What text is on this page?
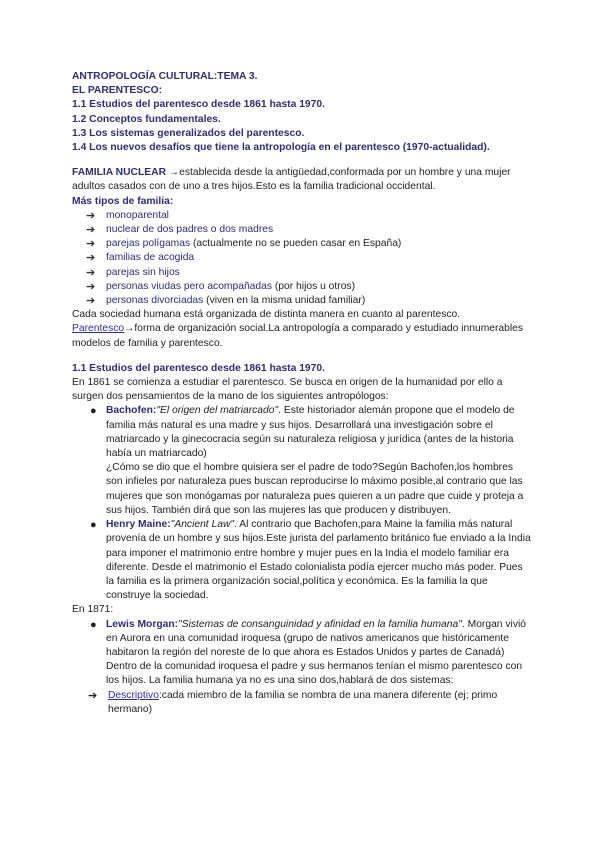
ANTROPOLOGÍA CULTURAL:TEMA 3.
EL PARENTESCO:
1.1 Estudios del parentesco desde 1861 hasta 1970.
1.2 Conceptos fundamentales.
1.3 Los sistemas generalizados del parentesco.
1.4 Los nuevos desafíos que tiene la antropología en el parentesco (1970-actualidad).
FAMILIA NUCLEAR →establecida desde la antigüedad,conformada por un hombre y una mujer adultos casados con de uno a tres hijos.Esto es la familia tradicional occidental.
Más tipos de familia:
➔ monoparental
➔ nuclear de dos padres o dos madres
➔ parejas polígamas (actualmente no se pueden casar en España)
➔ familias de acogida
➔ parejas sin hijos
➔ personas viudas pero acompañadas (por hijos u otros)
➔ personas divorciadas (viven en la misma unidad familiar)
Cada sociedad humana está organizada de distinta manera en cuanto al parentesco.
Parentesco→forma de organización social.La antropología a comparado y estudiado innumerables modelos de familia y parentesco.
1.1 Estudios del parentesco desde 1861 hasta 1970.
En 1861 se comienza a estudiar el parentesco. Se busca en origen de la humanidad por ello a surgen dos pensamientos de la mano de los siguientes antropólogos:
● Bachofen:"El origen del matriarcado". Este historiador alemán propone que el modelo de familia más natural es una madre y sus hijos. Desarrollará una investigación sobre el matriarcado y la ginecocracia según su naturaleza religiosa y jurídica (antes de la historia había un matriarcado)
¿Cómo se dio que el hombre quisiera ser el padre de todo?Según Bachofen,los hombres son infieles por naturaleza pues buscan reproducirse lo máximo posible,al contrario que las mujeres que son monógamas por naturaleza pues quieren a un padre que cuide y proteja a sus hijos. También dirá que son las mujeres las que producen y distribuyen.
● Henry Maine:"Ancient Law". Al contrario que Bachofen,para Maine la familia más natural provenía de un hombre y sus hijos.Este jurista del parlamento británico fue enviado a la India para imponer el matrimonio entre hombre y mujer pues en la India el modelo familiar era diferente. Desde el matrimonio el Estado colonialista podía ejercer mucho más poder. Pues la familia es la primera organización social,política y económica. Es la familia la que construye la sociedad.
En 1871:
● Lewis Morgan:"Sistemas de consanguinidad y afinidad en la familia humana". Morgan vivió en Aurora en una comunidad iroquesa (grupo de nativos americanos que históricamente habitaron la región del noreste de lo que ahora es Estados Unidos y partes de Canadá) Dentro de la comunidad iroquesa el padre y sus hermanos tenían el mismo parentesco con los hijos. La familia humana ya no es una sino dos,hablará de dos sistemas:
➔ Descriptivo:cada miembro de la familia se nombra de una manera diferente (ej; primo hermano)
